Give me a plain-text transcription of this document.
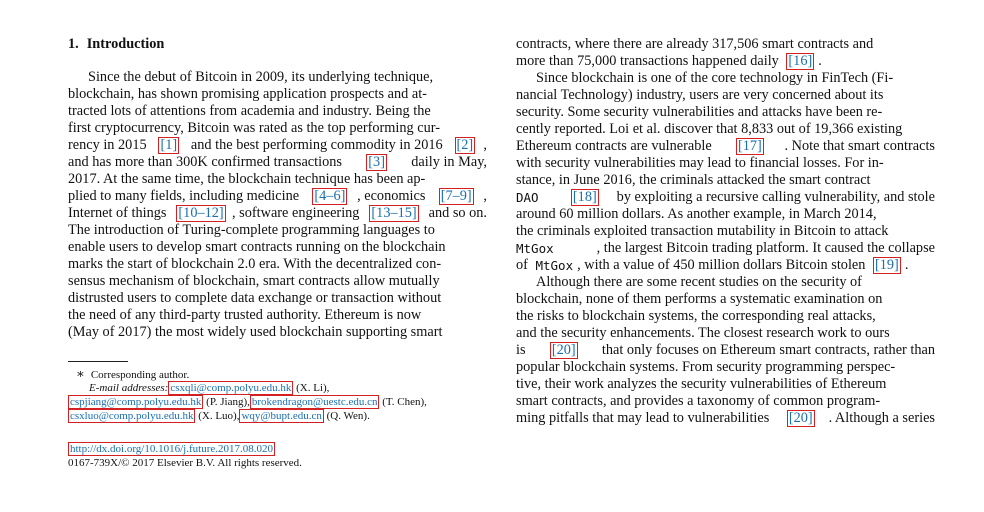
1. Introduction
Since the debut of Bitcoin in 2009, its underlying technique,
blockchain, has shown promising application prospects and at-
tracted lots of attentions from academia and industry. Being the
first cryptocurrency, Bitcoin was rated as the top performing cur-
rency in 2015 [1] and the best performing commodity in 2016 [2] ,
and has more than 300K confirmed transactions [3] daily in May,
2017. At the same time, the blockchain technique has been ap-
plied to many fields, including medicine [4–6] , economics [7–9] ,
Internet of things [10–12] , software engineering [13–15] and so on.
The introduction of Turing-complete programming languages to
enable users to develop smart contracts running on the blockchain
marks the start of blockchain 2.0 era. With the decentralized con-
sensus mechanism of blockchain, smart contracts allow mutually
distrusted users to complete data exchange or transaction without
the need of any third-party trusted authority. Ethereum is now
(May of 2017) the most widely used blockchain supporting smart
contracts, where there are already 317,506 smart contracts and
more than 75,000 transactions happened daily [16] .
Since blockchain is one of the core technology in FinTech (Fi-
nancial Technology) industry, users are very concerned about its
security. Some security vulnerabilities and attacks have been re-
cently reported. Loi et al. discover that 8,833 out of 19,366 existing
Ethereum contracts are vulnerable [17] . Note that smart contracts
with security vulnerabilities may lead to financial losses. For in-
stance, in June 2016, the criminals attacked the smart contract
DAO
[18] by exploiting a recursive calling vulnerability, and stole
around 60 million dollars. As another example, in March 2014,
the criminals exploited transaction mutability in Bitcoin to attack
MtGox	, the largest Bitcoin trading platform. It caused the collapse
of MtGox , with a value of 450 million dollars Bitcoin stolen [19] .
Although there are some recent studies on the security of
blockchain, none of them performs a systematic examination on
the risks to blockchain systems, the corresponding real attacks,
and the security enhancements. The closest research work to ours
is [20] that only focuses on Ethereum smart contracts, rather than
popular blockchain systems. From security programming perspec-
tive, their work analyzes the security vulnerabilities of Ethereum
smart contracts, and provides a taxonomy of common program-
ming pitfalls that may lead to vulnerabilities [20] . Although a series
∗ Corresponding author.
E-mail addresses: csxqli@comp.polyu.edu.hk (X. Li),
cspjiang@comp.polyu.edu.hk (P. Jiang), brokendragon@uestc.edu.cn (T. Chen),
csxluo@comp.polyu.edu.hk (X. Luo), wqy@bupt.edu.cn (Q. Wen).
http://dx.doi.org/10.1016/j.future.2017.08.020
0167-739X/© 2017 Elsevier B.V. All rights reserved.
